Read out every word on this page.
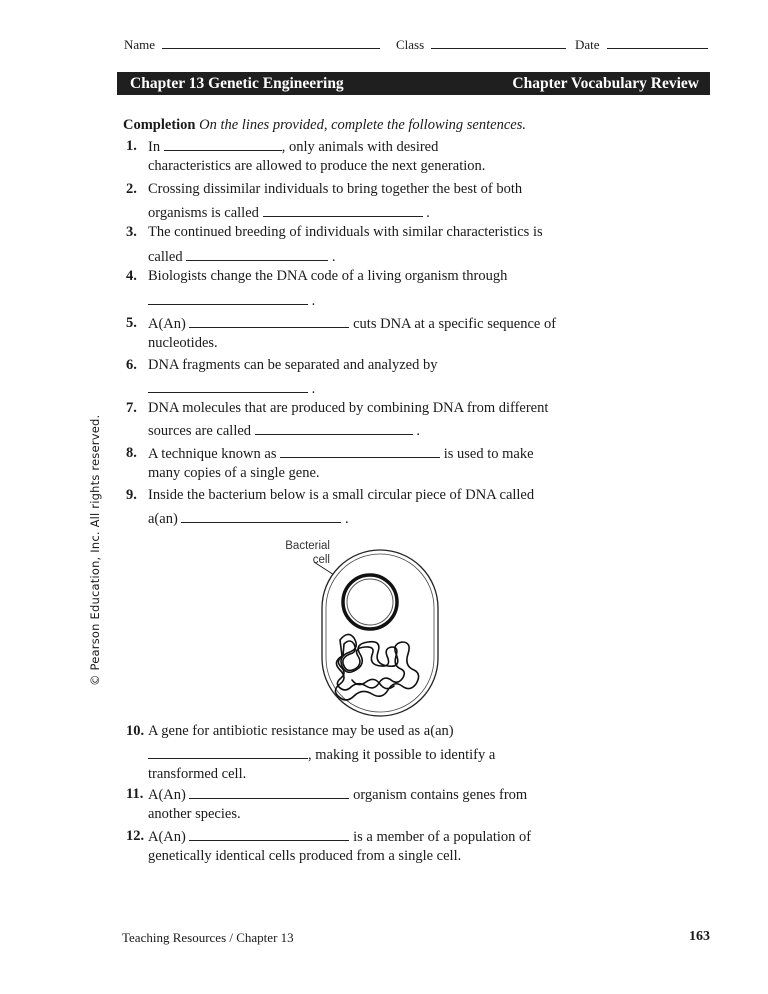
Name	Class	Date
Chapter 13 Genetic Engineering	Chapter Vocabulary Review
Completion On the lines provided, complete the following sentences.
1. In	, only animals with desired
characteristics are allowed to produce the next generation.
2. Crossing dissimilar individuals to bring together the best of both
organisms is called	.
3. The continued breeding of individuals with similar characteristics is
called	.
4. Biologists change the DNA code of a living organism through
.
5. A(An)	cuts DNA at a specific sequence of
nucleotides.
6. DNA fragments can be separated and analyzed by
.
7. DNA molecules that are produced by combining DNA from different
sources are called	.
8. A technique known as	is used to make
many copies of a single gene.
9. Inside the bacterium below is a small circular piece of DNA called
a(an)	.
Bacterial
cell
10. A gene for antibiotic resistance may be used as a(an)
, making it possible to identify a
transformed cell.
11. A(An)	organism contains genes from
another species.
12. A(An)	is a member of a population of
genetically identical cells produced from a single cell.
© Pearson Education, Inc. All rights reserved.
Teaching Resources / Chapter 13	163
